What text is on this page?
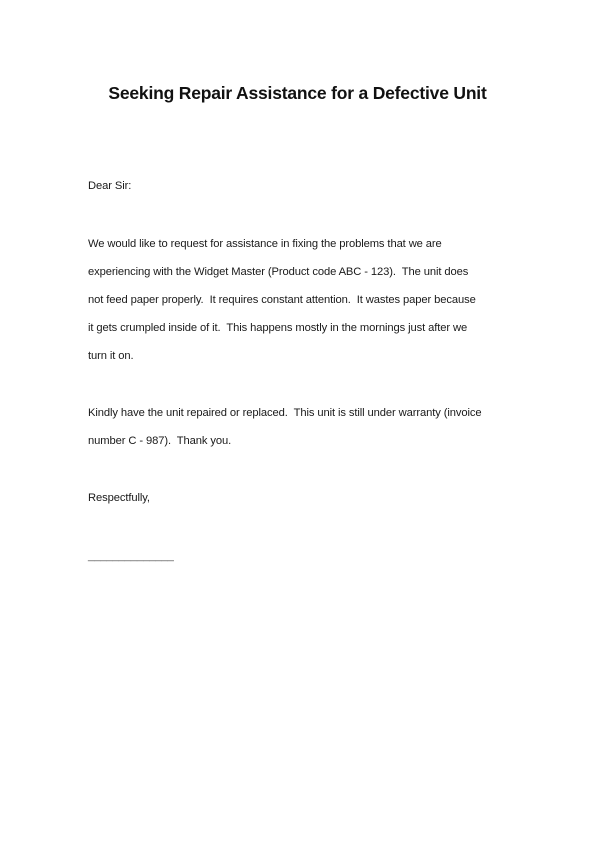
Seeking Repair Assistance for a Defective Unit
Dear Sir:
We would like to request for assistance in fixing the problems that we are
experiencing with the Widget Master (Product code ABC - 123).  The unit does
not feed paper properly.  It requires constant attention.  It wastes paper because
it gets crumpled inside of it.  This happens mostly in the mornings just after we
turn it on.
Kindly have the unit repaired or replaced.  This unit is still under warranty (invoice
number C - 987).  Thank you.
Respectfully,
______________
